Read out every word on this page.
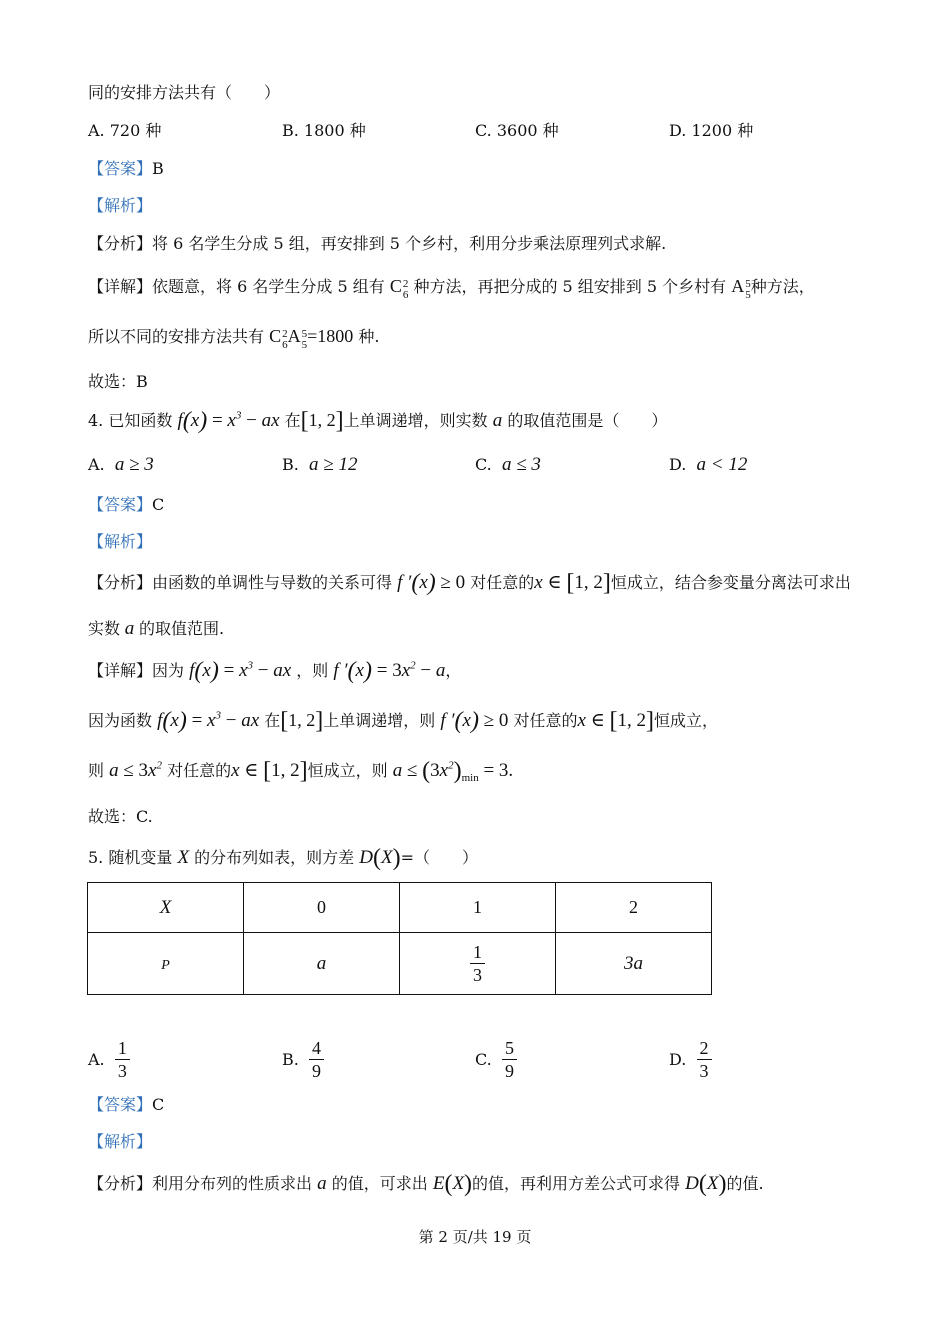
同的安排方法共有（　　）
A. 720 种	B. 1800 种	C. 3600 种	D. 1200 种
【答案】B
【解析】
【分析】将 6 名学生分成 5 组，再安排到 5 个乡村，利用分步乘法原理列式求解.
【详解】依题意，将 6 名学生分成 5 组有 C2
6 种方法，再把分成的 5 组安排到 5 个乡村有 A5
5种方法，
所以不同的安排方法共有 C2
6A5
5=1800 种.
故选：B
4. 已知函数 $f(x) = x^3$ − ax 在[1, 2]上单调递增，则实数 a 的取值范围是（　　）
A. a ≥ 3	B. a ≥ 12	C. a ≤ 3	D. a < 12
【答案】C
【解析】
【分析】由函数的单调性与导数的关系可得 f ′(x) ≥ 0 对任意的x ∈ [1, 2]恒成立，结合参变量分离法可求出
实数 a 的取值范围.
【详解】因为 $f(x) = x^3$ − ax ，则 f $'(x) = 3x^2 - a$，
因为函数 $f(x) = x^3$ − ax 在[1, 2]上单调递增，则 f ′(x) ≥ 0 对任意的x ∈ [1, 2]恒成立，
则 $a \le 3x^2$ 对任意的x ∈ [1, 2]恒成立，则 $a \le (3x^2)_{min} = 3$.
故选：C.
5. 随机变量 X 的分布列如表，则方差 D(X)=（　　）
X	0	1	2
P	a	$\frac{1}{3}$	3a
A. $\frac{1}{3}$	B. $\frac{4}{9}$	C. $\frac{5}{9}$	D. $\frac{2}{3}$
【答案】C
【解析】
【分析】利用分布列的性质求出 a 的值，可求出 E(X)的值，再利用方差公式可求得 D(X)的值.
第 2 页/共 19 页
